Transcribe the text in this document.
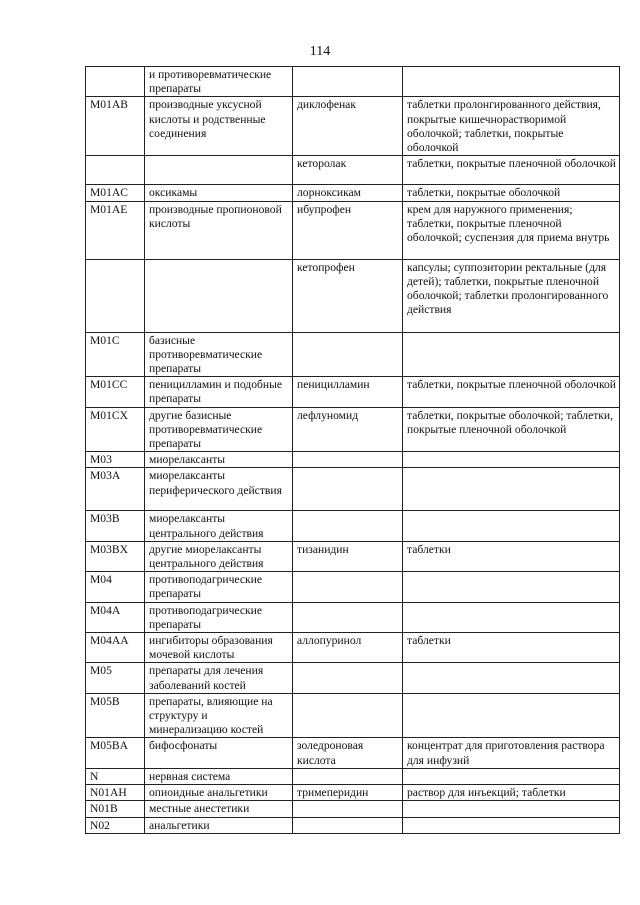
114
	и противоревматические препараты		
M01AB	производные уксусной кислоты и родственные соединения	диклофенак	таблетки пролонгированного действия, покрытые кишечнорастворимой оболочкой; таблетки, покрытые оболочкой
		кеторолак	таблетки, покрытые пленочной оболочкой
M01AC	оксикамы	лорноксикам	таблетки, покрытые оболочкой
M01AE	производные пропионовой кислоты	ибупрофен	крем для наружного применения; таблетки, покрытые пленочной оболочкой; суспензия для приема внутрь
		кетопрофен	капсулы; суппозитории ректальные (для детей); таблетки, покрытые пленочной оболочкой; таблетки пролонгированного действия
M01C	базисные противоревматические препараты		
M01CC	пеницилламин и подобные препараты	пеницилламин	таблетки, покрытые пленочной оболочкой
M01CX	другие базисные противоревматические препараты	лефлуномид	таблетки, покрытые оболочкой; таблетки, покрытые пленочной оболочкой
M03	миорелаксанты		
M03A	миорелаксанты периферического действия		
M03B	миорелаксанты центрального действия		
M03BX	другие миорелаксанты центрального действия	тизанидин	таблетки
M04	противоподагрические препараты		
M04A	противоподагрические препараты		
M04AA	ингибиторы образования мочевой кислоты	аллопуринол	таблетки
M05	препараты для лечения заболеваний костей		
M05B	препараты, влияющие на структуру и минерализацию костей		
M05BA	бифосфонаты	золедроновая кислота	концентрат для приготовления раствора для инфузий
N	нервная система		
N01AH	опиоидные анальгетики	тримеперидин	раствор для инъекций; таблетки
N01B	местные анестетики		
N02	анальгетики		
